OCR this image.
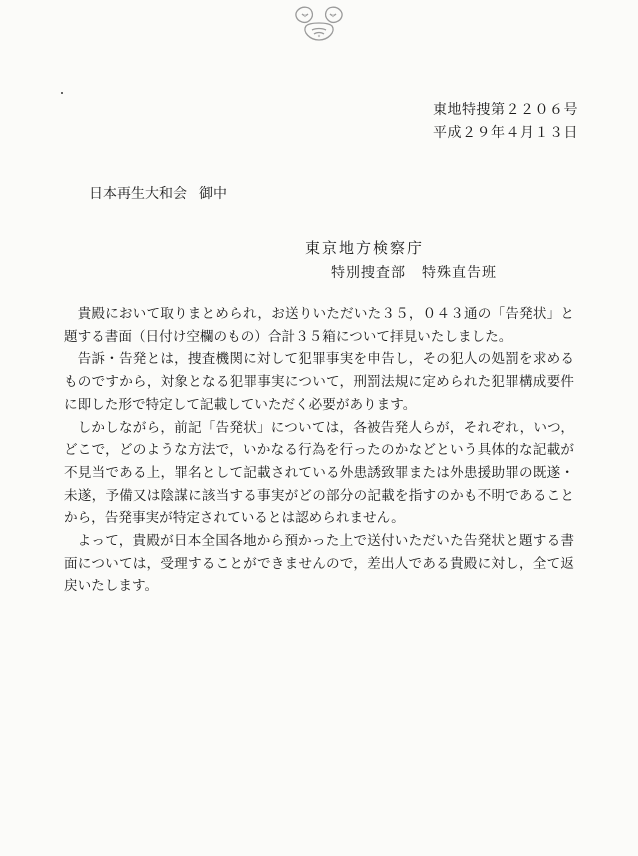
東地特捜第２２０６号
平成２９年４月１３日
日本再生大和会 御中
東京地方検察庁
特別捜査部 特殊直告班

貴殿において取りまとめられ，お送りいただいた３５，０４３通の「告発状」と題する書面（日付け空欄のもの）合計３５箱について拝見いたしました。

告訴・告発とは，捜査機関に対して犯罪事実を申告し，その犯人の処罰を求めるものですから，対象となる犯罪事実について，刑罰法規に定められた犯罪構成要件に即した形で特定して記載していただく必要があります。

しかしながら，前記「告発状」については，各被告発人らが，それぞれ，いつ，どこで，どのような方法で，いかなる行為を行ったのかなどという具体的な記載が不見当である上，罪名として記載されている外患誘致罪または外患援助罪の既遂・未遂，予備又は陰謀に該当する事実がどの部分の記載を指すのかも不明であることから，告発事実が特定されているとは認められません。

よって，貴殿が日本全国各地から預かった上で送付いただいた告発状と題する書面については，受理することができませんので，差出人である貴殿に対し，全て返戻いたします。
